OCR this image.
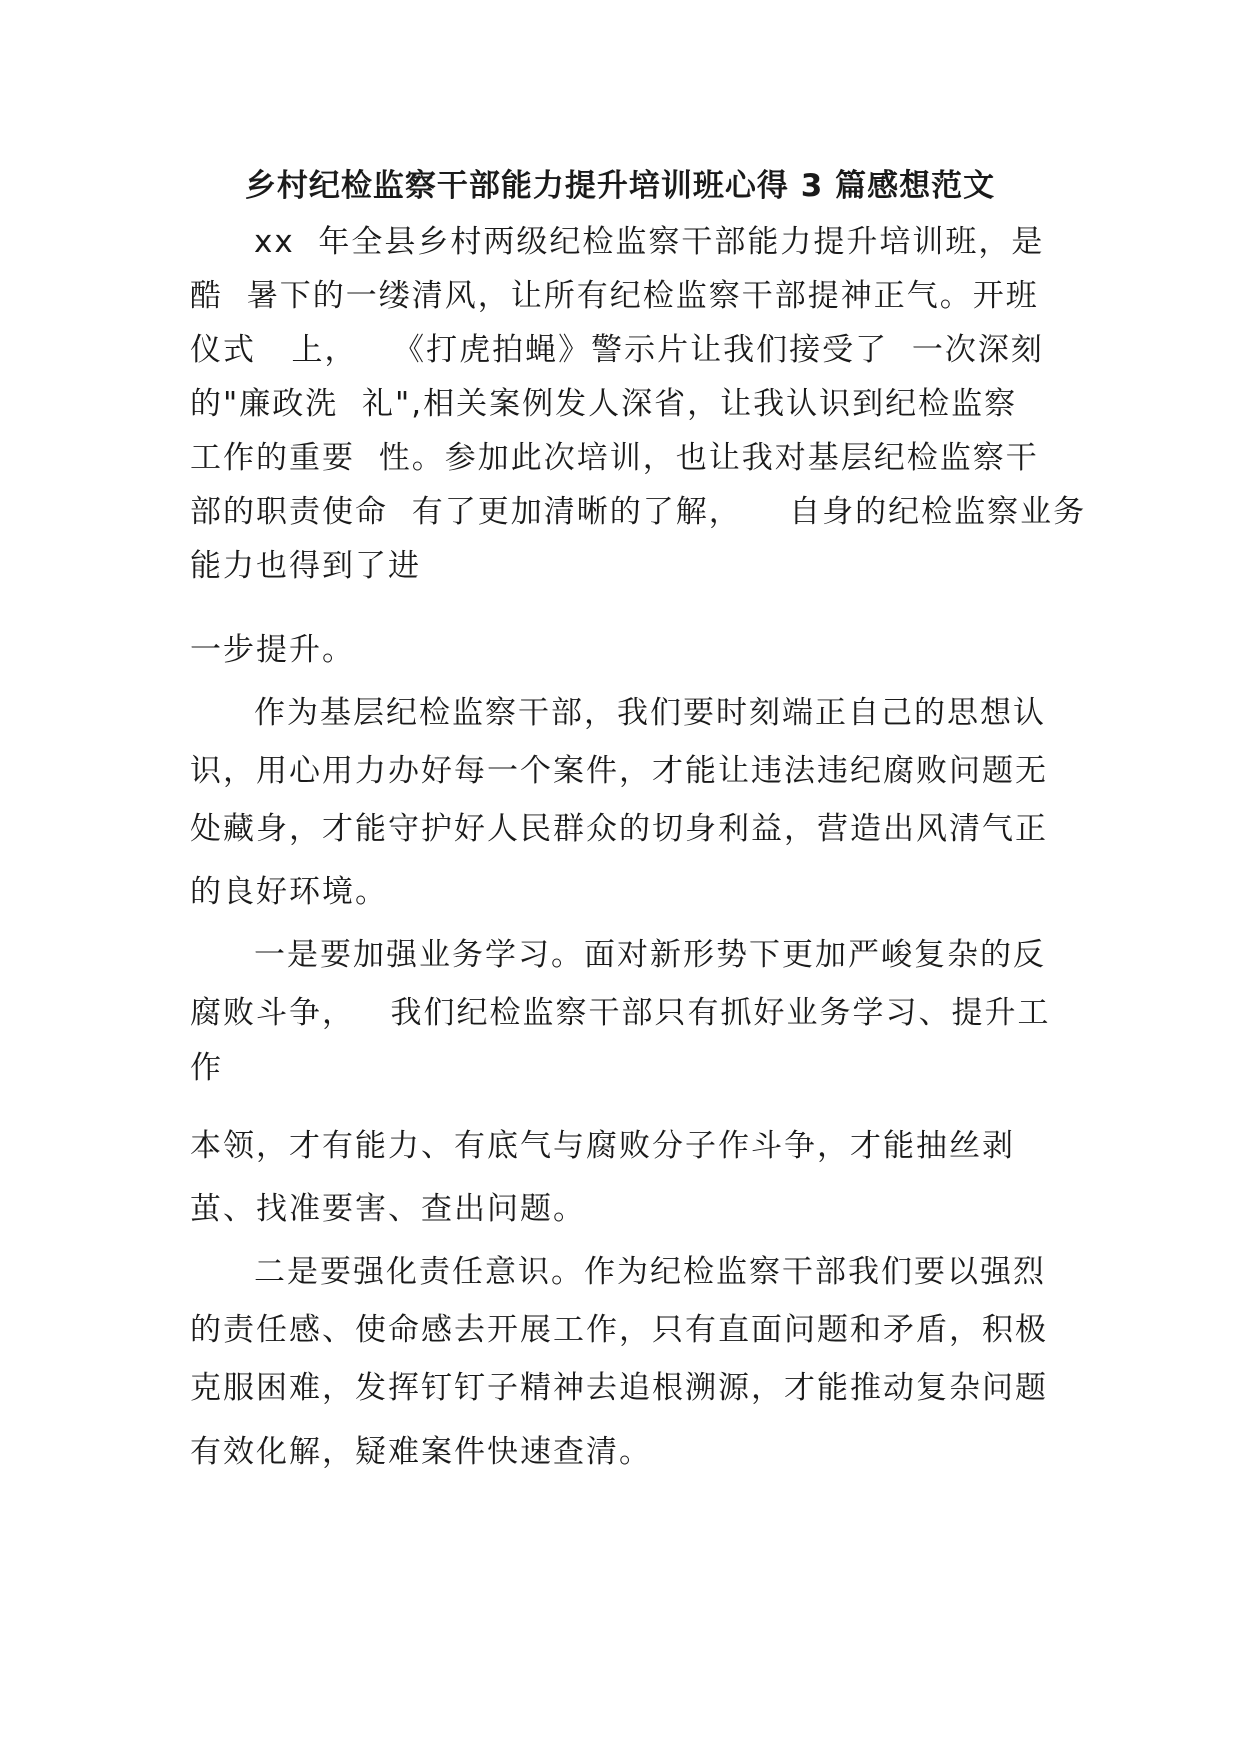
乡村纪检监察干部能力提升培训班心得 3 篇感想范文

xx  年全县乡村两级纪检监察干部能力提升培训班，是

酷  暑下的一缕清风，让所有纪检监察干部提神正气。开班

仪式   上，   《打虎拍蝇》警示片让我们接受了  一次深刻

的"廉政洗  礼",相关案例发人深省，让我认识到纪检监察

工作的重要  性。参加此次培训，也让我对基层纪检监察干

部的职责使命  有了更加清晰的了解，    自身的纪检监察业务

能力也得到了进

一步提升。

作为基层纪检监察干部，我们要时刻端正自己的思想认

识，用心用力办好每一个案件，才能让违法违纪腐败问题无

处藏身，才能守护好人民群众的切身利益，营造出风清气正

的良好环境。

一是要加强业务学习。面对新形势下更加严峻复杂的反

腐败斗争，   我们纪检监察干部只有抓好业务学习、提升工

作

本领，才有能力、有底气与腐败分子作斗争，才能抽丝剥

茧、找准要害、查出问题。

二是要强化责任意识。作为纪检监察干部我们要以强烈

的责任感、使命感去开展工作，只有直面问题和矛盾，积极

克服困难，发挥钉钉子精神去追根溯源，才能推动复杂问题

有效化解，疑难案件快速查清。
